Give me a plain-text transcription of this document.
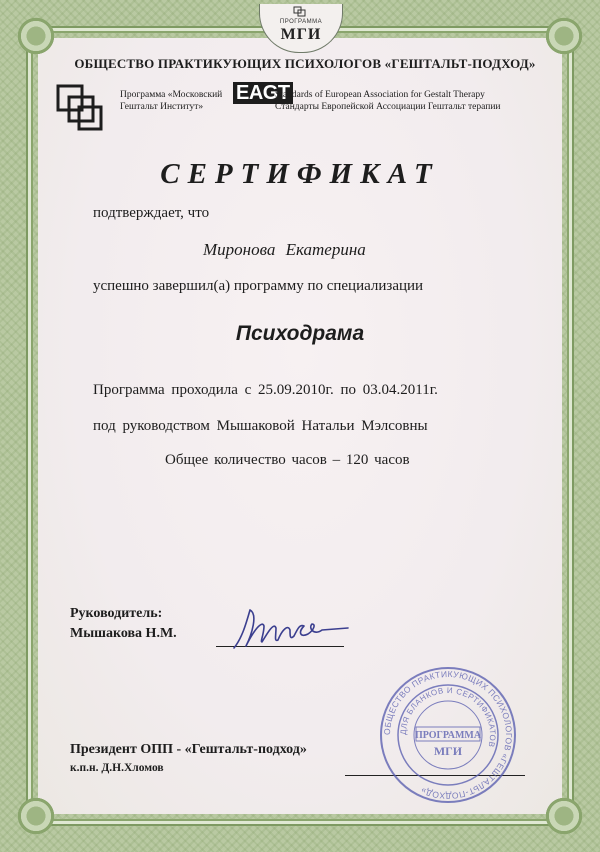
ПРОГРАММА
МГИ
ОБЩЕСТВО ПРАКТИКУЮЩИХ ПСИХОЛОГОВ «ГЕШТАЛЬТ-ПОДХОД»
Программа «Московский
Гештальт Институт»
EAGT
Standards of European Association for Gestalt Therapy
Стандарты Европейской Ассоциации Гештальт терапии
СЕРТИФИКАТ
подтверждает, что
Миронова Екатерина
успешно завершил(а) программу по специализации
Психодрама
Программа проходила с 25.09.2010г. по 03.04.2011г.
под руководством Мышаковой Натальи Мэлсовны
Общее количество часов – 120 часов
Руководитель:
Мышакова Н.М.
Президент ОПП - «Гештальт-подход»
к.п.н. Д.Н.Хломов
ОБЩЕСТВО ПРАКТИКУЮЩИХ ПСИХОЛОГОВ «ГЕШТАЛЬТ-ПОДХОД»
ДЛЯ БЛАНКОВ И СЕРТИФИКАТОВ
ПРОГРАММА
МГИ
